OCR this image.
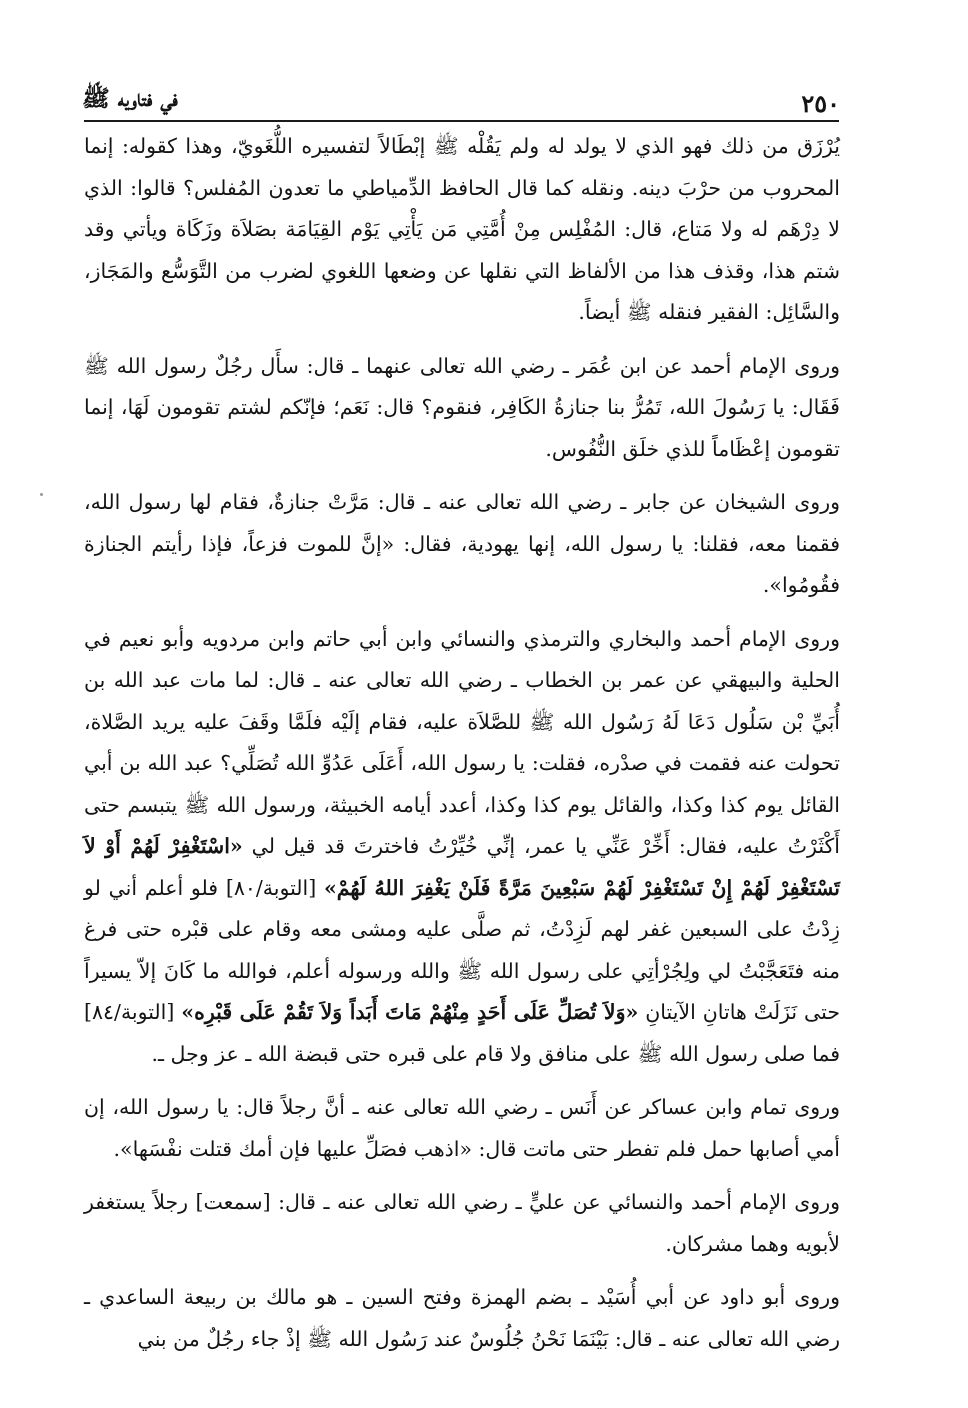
٢٥٠
في فتاويه ﷺ

يُرْزَق من ذلك فهو الذي لا يولد له ولم يَقُلْه ﷺ إبْطَالاً لتفسيره اللُّغَويّ، وهذا كقوله: إنما المحروب من حرْبَ دينه. ونقله كما قال الحافظ الدِّمياطي ما تعدون المُفلس؟ قالوا: الذي لا دِرْهَم له ولا مَتاع، قال: المُفْلِس مِنْ أُمَّتِي مَن يَأْتِي يَوْم القِيَامَة بصَلاَة وزَكَاة ويأتي وقد شتم هذا، وقذف هذا من الألفاظ التي نقلها عن وضعها اللغوي لضرب من التَّوَسُّع والمَجَاز، والسَّائِل: الفقير فنقله ﷺ أيضاً.

وروى الإمام أحمد عن ابن عُمَر ـ رضي الله تعالى عنهما ـ قال: سأَل رجُلٌ رسول الله ﷺ فَقَال: يا رَسُولَ الله، تَمُرُّ بنا جنازةُ الكَافِر، فنقوم؟ قال: نَعَم؛ فإنّكم لشتم تقومون لَهَا، إنما تقومون إعْظَاماً للذي خلَق النُّفُوس.

وروى الشيخان عن جابر ـ رضي الله تعالى عنه ـ قال: مَرَّتْ جنازةٌ، فقام لها رسول الله، فقمنا معه، فقلنا: يا رسول الله، إنها يهودية، فقال: «إنَّ للموت فزعاً، فإذا رأيتم الجنازة فقُومُوا».

وروى الإمام أحمد والبخاري والترمذي والنسائي وابن أبي حاتم وابن مردويه وأبو نعيم في الحلية والبيهقي عن عمر بن الخطاب ـ رضي الله تعالى عنه ـ قال: لما مات عبد الله بن أُبَيِّ بْن سَلُول دَعَا لَهُ رَسُول الله ﷺ للصَّلاَة عليه، فقام إلَيْه فلَمَّا وقَفَ عليه يريد الصَّلاة، تحولت عنه فقمت في صدْره، فقلت: يا رسول الله، أَعَلَى عَدُوِّ الله تُصَلِّي؟ عبد الله بن أبي القائل يوم كذا وكذا، والقائل يوم كذا وكذا، أعدد أيامه الخبيثة، ورسول الله ﷺ يتبسم حتى أَكْثَرْتُ عليه، فقال: أَخِّرْ عَنِّي يا عمر، إنِّي خُيِّرْتُ فاخترتَ قد قيل لي «اسْتَغْفِرْ لَهُمْ أَوْ لاَ تَسْتَغْفِرْ لَهُمْ إِنْ تَسْتَغْفِرْ لَهُمْ سَبْعِينَ مَرَّةً فَلَنْ يَغْفِرَ اللهُ لَهُمْ» [التوبة/٨٠] فلو أعلم أني لو زِدْتُ على السبعين غفر لهم لَزِدْتُ، ثم صلَّى عليه ومشى معه وقام على قبْره حتى فرغ منه فتَعَجَّبْتُ لي ولِجُرْأتِي على رسول الله ﷺ والله ورسوله أعلم، فوالله ما كَانَ إلاّ يسيراً حتى نَزَلَتْ هاتانِ الآيتانِ «وَلاَ تُصَلِّ عَلَى أَحَدٍ مِنْهُمْ مَاتَ أَبَداً وَلاَ تَقُمْ عَلَى قَبْرِه» [التوبة/٨٤] فما صلى رسول الله ﷺ على منافق ولا قام على قبره حتى قبضة الله ـ عز وجل ـ.

وروى تمام وابن عساكر عن أَنَس ـ رضي الله تعالى عنه ـ أنَّ رجلاً قال: يا رسول الله، إن أمي أصابها حمل فلم تفطر حتى ماتت قال: «اذهب فصَلِّ عليها فإن أمك قتلت نفْسَها».

وروى الإمام أحمد والنسائي عن عليٍّ ـ رضي الله تعالى عنه ـ قال: [سمعت] رجلاً يستغفر لأبويه وهما مشركان.

وروى أبو داود عن أبي أُسَيْد ـ بضم الهمزة وفتح السين ـ هو مالك بن ربيعة الساعدي ـ رضي الله تعالى عنه ـ قال: بَيْنَمَا نَحْنُ جُلُوسٌ عند رَسُول الله ﷺ إذْ جاء رجُلٌ من بني
